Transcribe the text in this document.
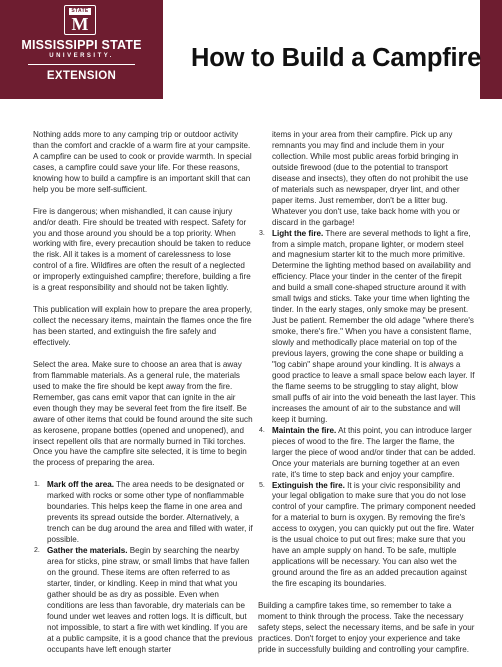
STATE
M
MISSISSIPPI STATE
UNIVERSITY.
EXTENSION
How to Build a Campfire

Nothing adds more to any camping trip or outdoor activity than the comfort and crackle of a warm fire at your campsite. A campfire can be used to cook or provide warmth. In special cases, a campfire could save your life. For these reasons, knowing how to build a campfire is an important skill that can help you be more self-sufficient.

Fire is dangerous; when mishandled, it can cause injury and/or death. Fire should be treated with respect. Safety for you and those around you should be a top priority. When working with fire, every precaution should be taken to reduce the risk. All it takes is a moment of carelessness to lose control of a fire. Wildfires are often the result of a neglected or improperly extinguished campfire; therefore, building a fire is a great responsibility and should not be taken lightly.

This publication will explain how to prepare the area properly, collect the necessary items, maintain the flames once the fire has been started, and extinguish the fire safely and effectively.

Select the area. Make sure to choose an area that is away from flammable materials. As a general rule, the materials used to make the fire should be kept away from the fire. Remember, gas cans emit vapor that can ignite in the air even though they may be several feet from the fire itself. Be aware of other items that could be found around the site such as kerosene, propane bottles (opened and unopened), and insect repellent oils that are normally burned in Tiki torches. Once you have the campfire site selected, it is time to begin the process of preparing the area.

1. Mark off the area. The area needs to be designated or marked with rocks or some other type of nonflammable boundaries. This helps keep the flame in one area and prevents its spread outside the border. Alternatively, a trench can be dug around the area and filled with water, if possible.
2. Gather the materials. Begin by searching the nearby area for sticks, pine straw, or small limbs that have fallen on the ground. These items are often referred to as starter, tinder, or kindling. Keep in mind that what you gather should be as dry as possible. Even when conditions are less than favorable, dry materials can be found under wet leaves and rotten logs. It is difficult, but not impossible, to start a fire with wet kindling. If you are at a public campsite, it is a good chance that the previous occupants have left enough starter
items in your area from their campfire. Pick up any remnants you may find and include them in your collection. While most public areas forbid bringing in outside firewood (due to the potential to transport disease and insects), they often do not prohibit the use of materials such as newspaper, dryer lint, and other paper items. Just remember, don't be a litter bug. Whatever you don't use, take back home with you or discard in the garbage!
3. Light the fire. There are several methods to light a fire, from a simple match, propane lighter, or modern steel and magnesium starter kit to the much more primitive. Determine the lighting method based on availability and efficiency. Place your tinder in the center of the firepit and build a small cone-shaped structure around it with small twigs and sticks. Take your time when lighting the tinder. In the early stages, only smoke may be present. Just be patient. Remember the old adage "where there's smoke, there's fire." When you have a consistent flame, slowly and methodically place material on top of the previous layers, growing the cone shape or building a "log cabin" shape around your kindling. It is always a good practice to leave a small space below each layer. If the flame seems to be struggling to stay alight, blow small puffs of air into the void beneath the last layer. This increases the amount of air to the substance and will keep it burning.
4. Maintain the fire. At this point, you can introduce larger pieces of wood to the fire. The larger the flame, the larger the piece of wood and/or tinder that can be added. Once your materials are burning together at an even rate, it's time to step back and enjoy your campfire.
5. Extinguish the fire. It is your civic responsibility and your legal obligation to make sure that you do not lose control of your campfire. The primary component needed for a material to burn is oxygen. By removing the fire's access to oxygen, you can quickly put out the fire. Water is the usual choice to put out fires; make sure that you have an ample supply on hand. To be safe, multiple applications will be necessary. You can also wet the ground around the fire as an added precaution against the fire escaping its boundaries.

Building a campfire takes time, so remember to take a moment to think through the process. Take the necessary safety steps, select the necessary items, and be safe in your practices. Don't forget to enjoy your experience and take pride in successfully building and controlling your campfire.
